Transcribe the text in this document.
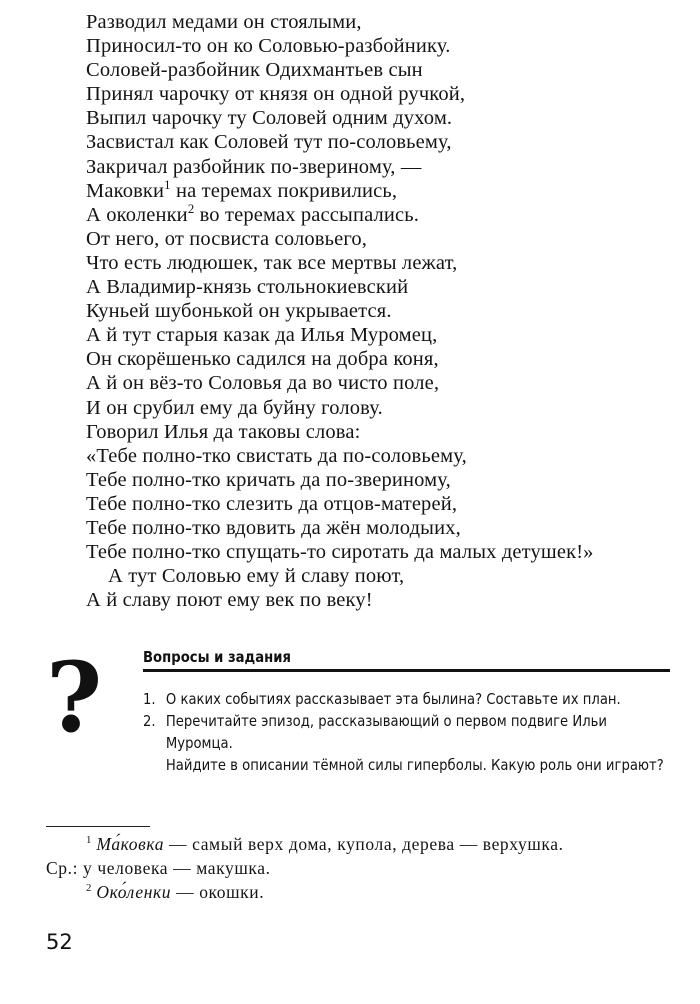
Разводил медами он стоялыми,
Приносил-то он ко Соловью-разбойнику.
Соловей-разбойник Одихмантьев сын
Принял чарочку от князя он одной ручкой,
Выпил чарочку ту Соловей одним духом.
Засвистал как Соловей тут по-соловьему,
Закричал разбойник по-звериному, —
Маковки$^1$ на теремах покривились,
А околенки$^2$ во теремах рассыпались.
От него, от посвиста соловьего,
Что есть людюшек, так все мертвы лежат,
А Владимир-князь стольнокиевский
Куньей шубонькой он укрывается.
А й тут старыя казак да Илья Муромец,
Он скорёшенько садился на добра коня,
А й он вёз-то Соловья да во чисто поле,
И он срубил ему да буйну голову.
Говорил Илья да таковы слова:
«Тебе полно-тко свистать да по-соловьему,
Тебе полно-тко кричать да по-звериному,
Тебе полно-тко слезить да отцов-матерей,
Тебе полно-тко вдовить да жён молодыих,
Тебе полно-тко спущать-то сиротать да малых детушек!»
А тут Соловью ему й славу поют,
А й славу поют ему век по веку!
?	Вопросы и задания
1. О каких событиях рассказывает эта былина? Составьте их план.
2. Перечитайте эпизод, рассказывающий о первом подвиге Ильи Муромца.
Найдите в описании тёмной силы гиперболы. Какую роль они играют?
$^1$ Ма́ковка — самый верх дома, купола, дерева — верхушка.
Ср.: у человека — макушка.
$^2$ Око́ленки — окошки.
52
